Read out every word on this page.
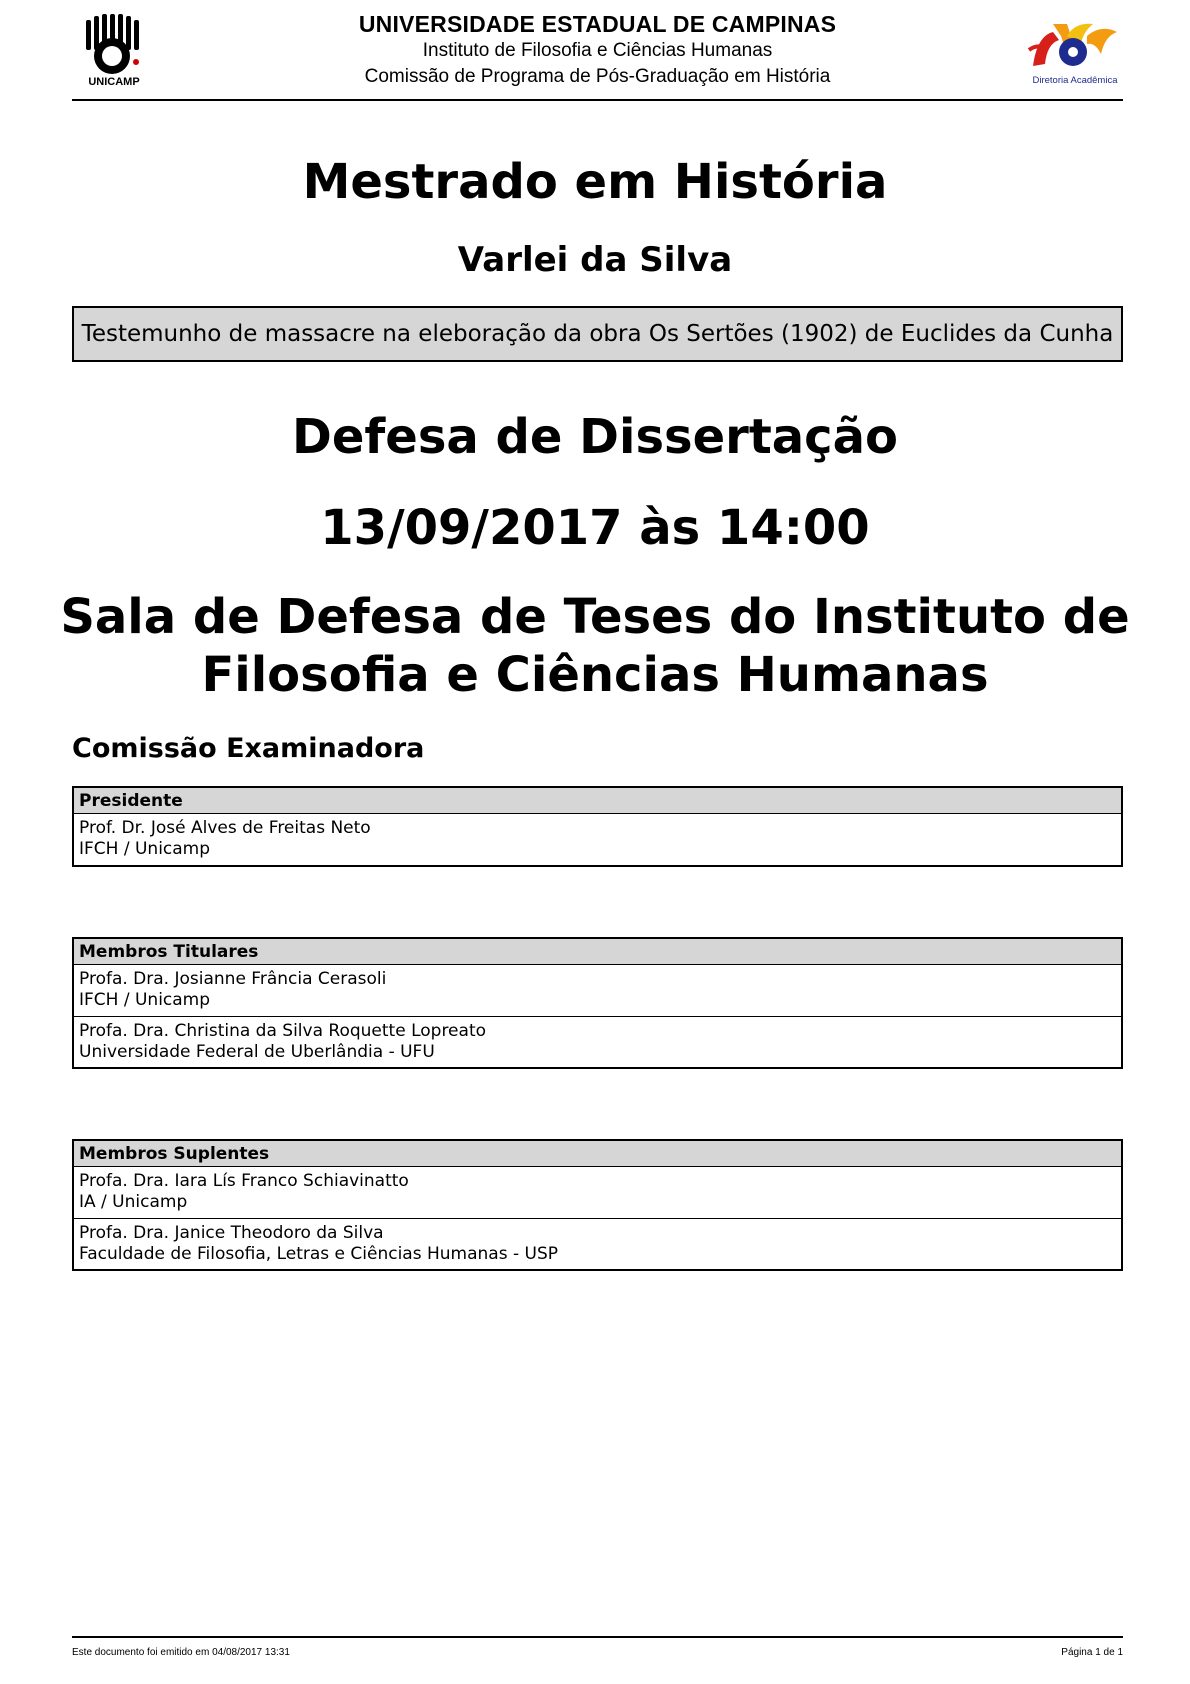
UNICAMP
UNIVERSIDADE ESTADUAL DE CAMPINAS
Instituto de Filosofia e Ciências Humanas
Comissão de Programa de Pós-Graduação em História	Diretoria Acadêmica
Mestrado em História
Varlei da Silva
Testemunho de massacre na eleboração da obra Os Sertões (1902) de Euclides da Cunha
Defesa de Dissertação
13/09/2017 às 14:00
Sala de Defesa de Teses do Instituto de Filosofia e Ciências Humanas
Comissão Examinadora
Presidente
Prof. Dr. José Alves de Freitas Neto
IFCH / Unicamp
Membros Titulares
Profa. Dra. Josianne Frância Cerasoli
IFCH / Unicamp
Profa. Dra. Christina da Silva Roquette Lopreato
Universidade Federal de Uberlândia - UFU
Membros Suplentes
Profa. Dra. Iara Lís Franco Schiavinatto
IA / Unicamp
Profa. Dra. Janice Theodoro da Silva
Faculdade de Filosofia, Letras e Ciências Humanas - USP
Este documento foi emitido em 04/08/2017 13:31	Página 1 de 1
